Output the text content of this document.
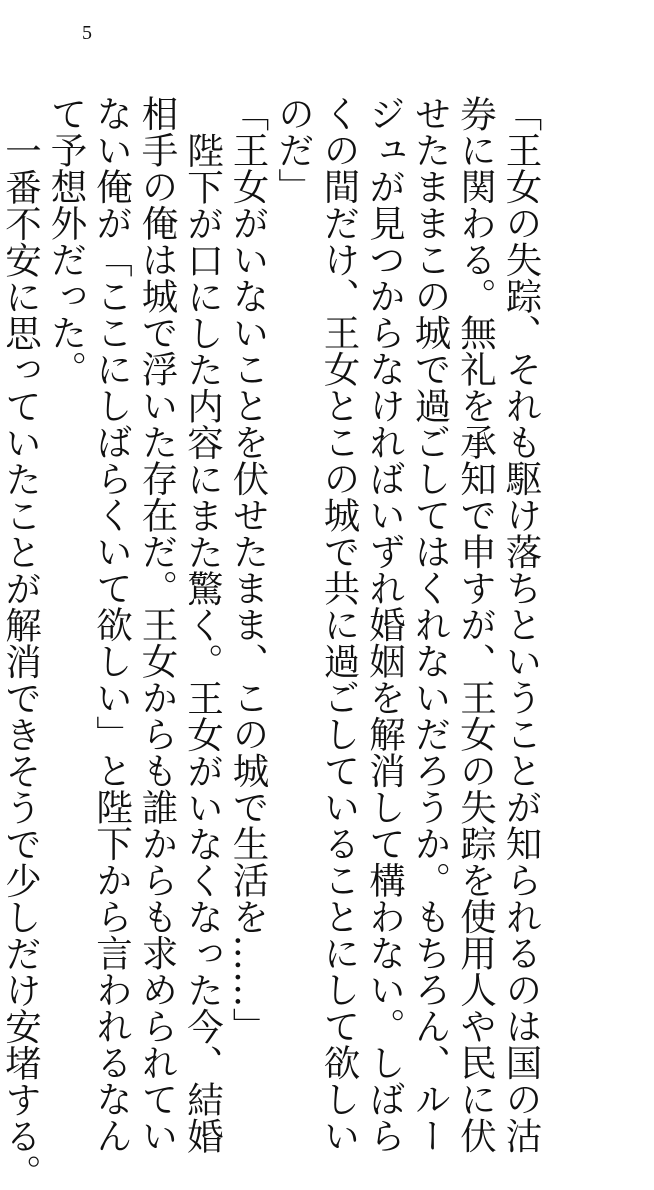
5

「王女の失踪、それも駆け落ちということが知られるのは国の沽

券に関わる。無礼を承知で申すが、王女の失踪を使用人や民に伏

せたままこの城で過ごしてはくれないだろうか。もちろん、ルー

ジュが見つからなければいずれ婚姻を解消して構わない。しばら

くの間だけ、王女とこの城で共に過ごしていることにして欲しい

のだ」

「王女がいないことを伏せたまま、この城で生活を……」

陛下が口にした内容にまた驚く。王女がいなくなった今、結婚

相手の俺は城で浮いた存在だ。王女からも誰からも求められてい

ない俺が「ここにしばらくいて欲しい」と陛下から言われるなん

て予想外だった。

一番不安に思っていたことが解消できそうで少しだけ安堵する。
